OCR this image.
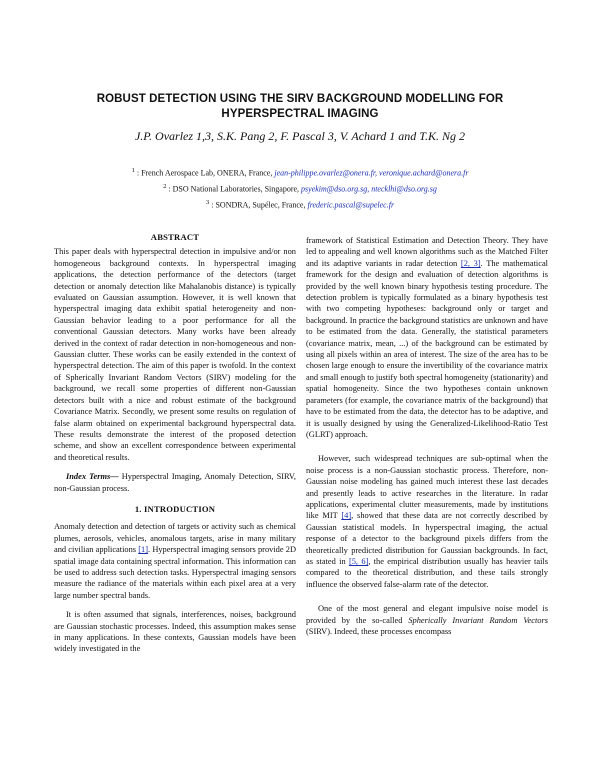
ROBUST DETECTION USING THE SIRV BACKGROUND MODELLING FOR
HYPERSPECTRAL IMAGING
J.P. Ovarlez 1,3, S.K. Pang 2, F. Pascal 3, V. Achard 1 and T.K. Ng 2
$^1$ : French Aerospace Lab, ONERA, France, jean-philippe.ovarlez@onera.fr, veronique.achard@onera.fr
$^2$ : DSO National Laboratories, Singapore, psyekim@dso.org.sg, ntecklhi@dso.org.sg
$^3$ : SONDRA, Supélec, France, frederic.pascal@supelec.fr
ABSTRACT

This paper deals with hyperspectral detection in impulsive and/or non homogeneous background contexts. In hyperspectral imaging applications, the detection performance of the detectors (target detection or anomaly detection like Mahalanobis distance) is typically evaluated on Gaussian assumption. However, it is well known that hyperspectral imaging data exhibit spatial heterogeneity and non-Gaussian behavior leading to a poor performance for all the conventional Gaussian detectors. Many works have been already derived in the context of radar detection in non-homogeneous and non-Gaussian clutter. These works can be easily extended in the context of hyperspectral detection. The aim of this paper is twofold. In the context of Spherically Invariant Random Vectors (SIRV) modeling for the background, we recall some properties of different non-Gaussian detectors built with a nice and robust estimate of the background Covariance Matrix. Secondly, we present some results on regulation of false alarm obtained on experimental background hyperspectral data. These results demonstrate the interest of the proposed detection scheme, and show an excellent correspondence between experimental and theoretical results.

Index Terms— Hyperspectral Imaging, Anomaly Detection, SIRV, non-Gaussian process.

1. INTRODUCTION

Anomaly detection and detection of targets or activity such as chemical plumes, aerosols, vehicles, anomalous targets, arise in many military and civilian applications [1]. Hyperspectral imaging sensors provide 2D spatial image data containing spectral information. This information can be used to address such detection tasks. Hyperspectral imaging sensors measure the radiance of the materials within each pixel area at a very large number spectral bands.

It is often assumed that signals, interferences, noises, background are Gaussian stochastic processes. Indeed, this assumption makes sense in many applications. In these contexts, Gaussian models have been widely investigated in the

framework of Statistical Estimation and Detection Theory. They have led to appealing and well known algorithms such as the Matched Filter and its adaptive variants in radar detection [2, 3]. The mathematical framework for the design and evaluation of detection algorithms is provided by the well known binary hypothesis testing procedure. The detection problem is typically formulated as a binary hypothesis test with two competing hypotheses: background only or target and background. In practice the background statistics are unknown and have to be estimated from the data. Generally, the statistical parameters (covariance matrix, mean, ...) of the background can be estimated by using all pixels within an area of interest. The size of the area has to be chosen large enough to ensure the invertibility of the covariance matrix and small enough to justify both spectral homogeneity (stationarity) and spatial homogeneity. Since the two hypotheses contain unknown parameters (for example, the covariance matrix of the background) that have to be estimated from the data, the detector has to be adaptive, and it is usually designed by using the Generalized-Likelihood-Ratio Test (GLRT) approach.

However, such widespread techniques are sub-optimal when the noise process is a non-Gaussian stochastic process. Therefore, non-Gaussian noise modeling has gained much interest these last decades and presently leads to active researches in the literature. In radar applications, experimental clutter measurements, made by institutions like MIT [4], showed that these data are not correctly described by Gaussian statistical models. In hyperspectral imaging, the actual response of a detector to the background pixels differs from the theoretically predicted distribution for Gaussian backgrounds. In fact, as stated in [5, 6], the empirical distribution usually has heavier tails compared to the theoretical distribution, and these tails strongly influence the observed false-alarm rate of the detector.

One of the most general and elegant impulsive noise model is provided by the so-called Spherically Invariant Random Vectors (SIRV). Indeed, these processes encompass
